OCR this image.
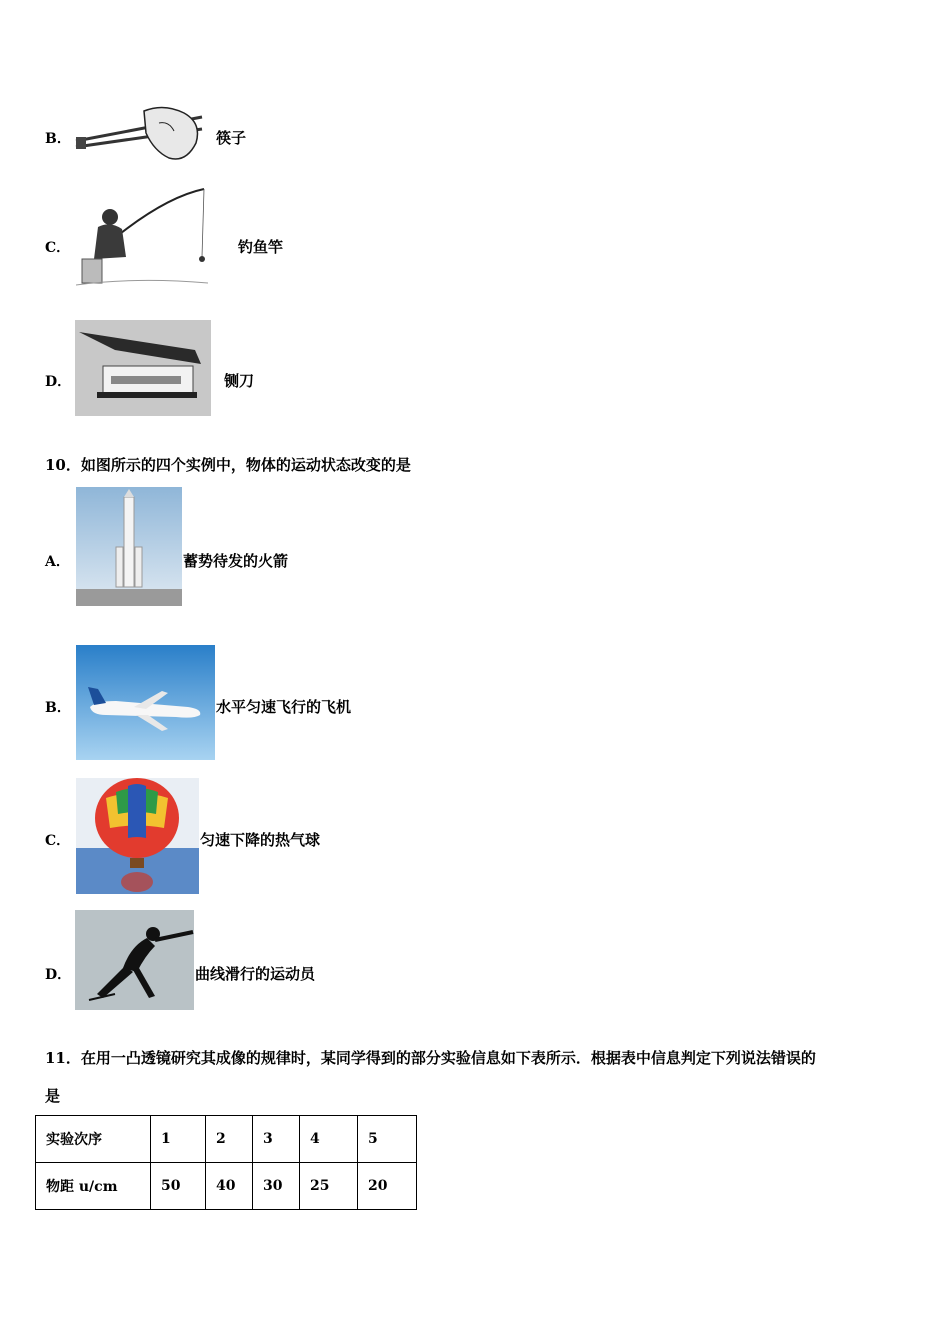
B．	筷子
C．	钓鱼竿
D．	铡刀
10．如图所示的四个实例中，物体的运动状态改变的是
A．	蓄势待发的火箭
B．	水平匀速飞行的飞机
C．	匀速下降的热气球
D．	曲线滑行的运动员
11．在用一凸透镜研究其成像的规律时，某同学得到的部分实验信息如下表所示．根据表中信息判定下列说法错误的
是
实验次序	1	2	3	4	5
物距 u/cm	50	40	30	25	20
